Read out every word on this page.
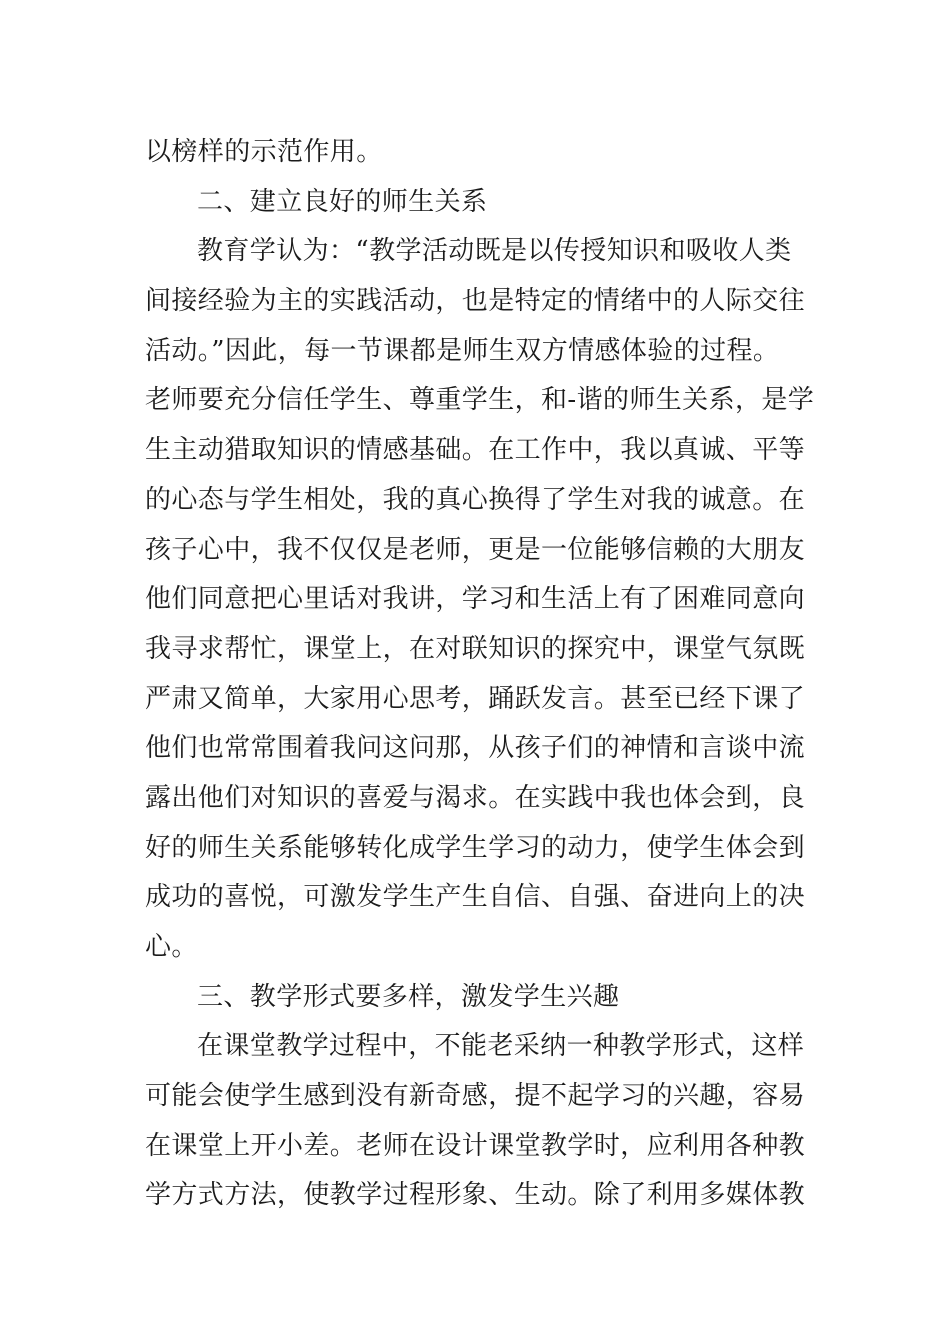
以榜样的示范作用。
二、建立良好的师生关系
教育学认为：“教学活动既是以传授知识和吸收人类
间接经验为主的实践活动，也是特定的情绪中的人际交往
活动。”因此，每一节课都是师生双方情感体验的过程。
老师要充分信任学生、尊重学生，和-谐的师生关系，是学
生主动猎取知识的情感基础。在工作中，我以真诚、平等
的心态与学生相处，我的真心换得了学生对我的诚意。在
孩子心中，我不仅仅是老师，更是一位能够信赖的大朋友
他们同意把心里话对我讲，学习和生活上有了困难同意向
我寻求帮忙，课堂上，在对联知识的探究中，课堂气氛既
严肃又简单，大家用心思考，踊跃发言。甚至已经下课了
他们也常常围着我问这问那，从孩子们的神情和言谈中流
露出他们对知识的喜爱与渴求。在实践中我也体会到，良
好的师生关系能够转化成学生学习的动力，使学生体会到
成功的喜悦，可激发学生产生自信、自强、奋进向上的决
心。
三、教学形式要多样，激发学生兴趣
在课堂教学过程中，不能老采纳一种教学形式，这样
可能会使学生感到没有新奇感，提不起学习的兴趣，容易
在课堂上开小差。老师在设计课堂教学时，应利用各种教
学方式方法，使教学过程形象、生动。除了利用多媒体教
